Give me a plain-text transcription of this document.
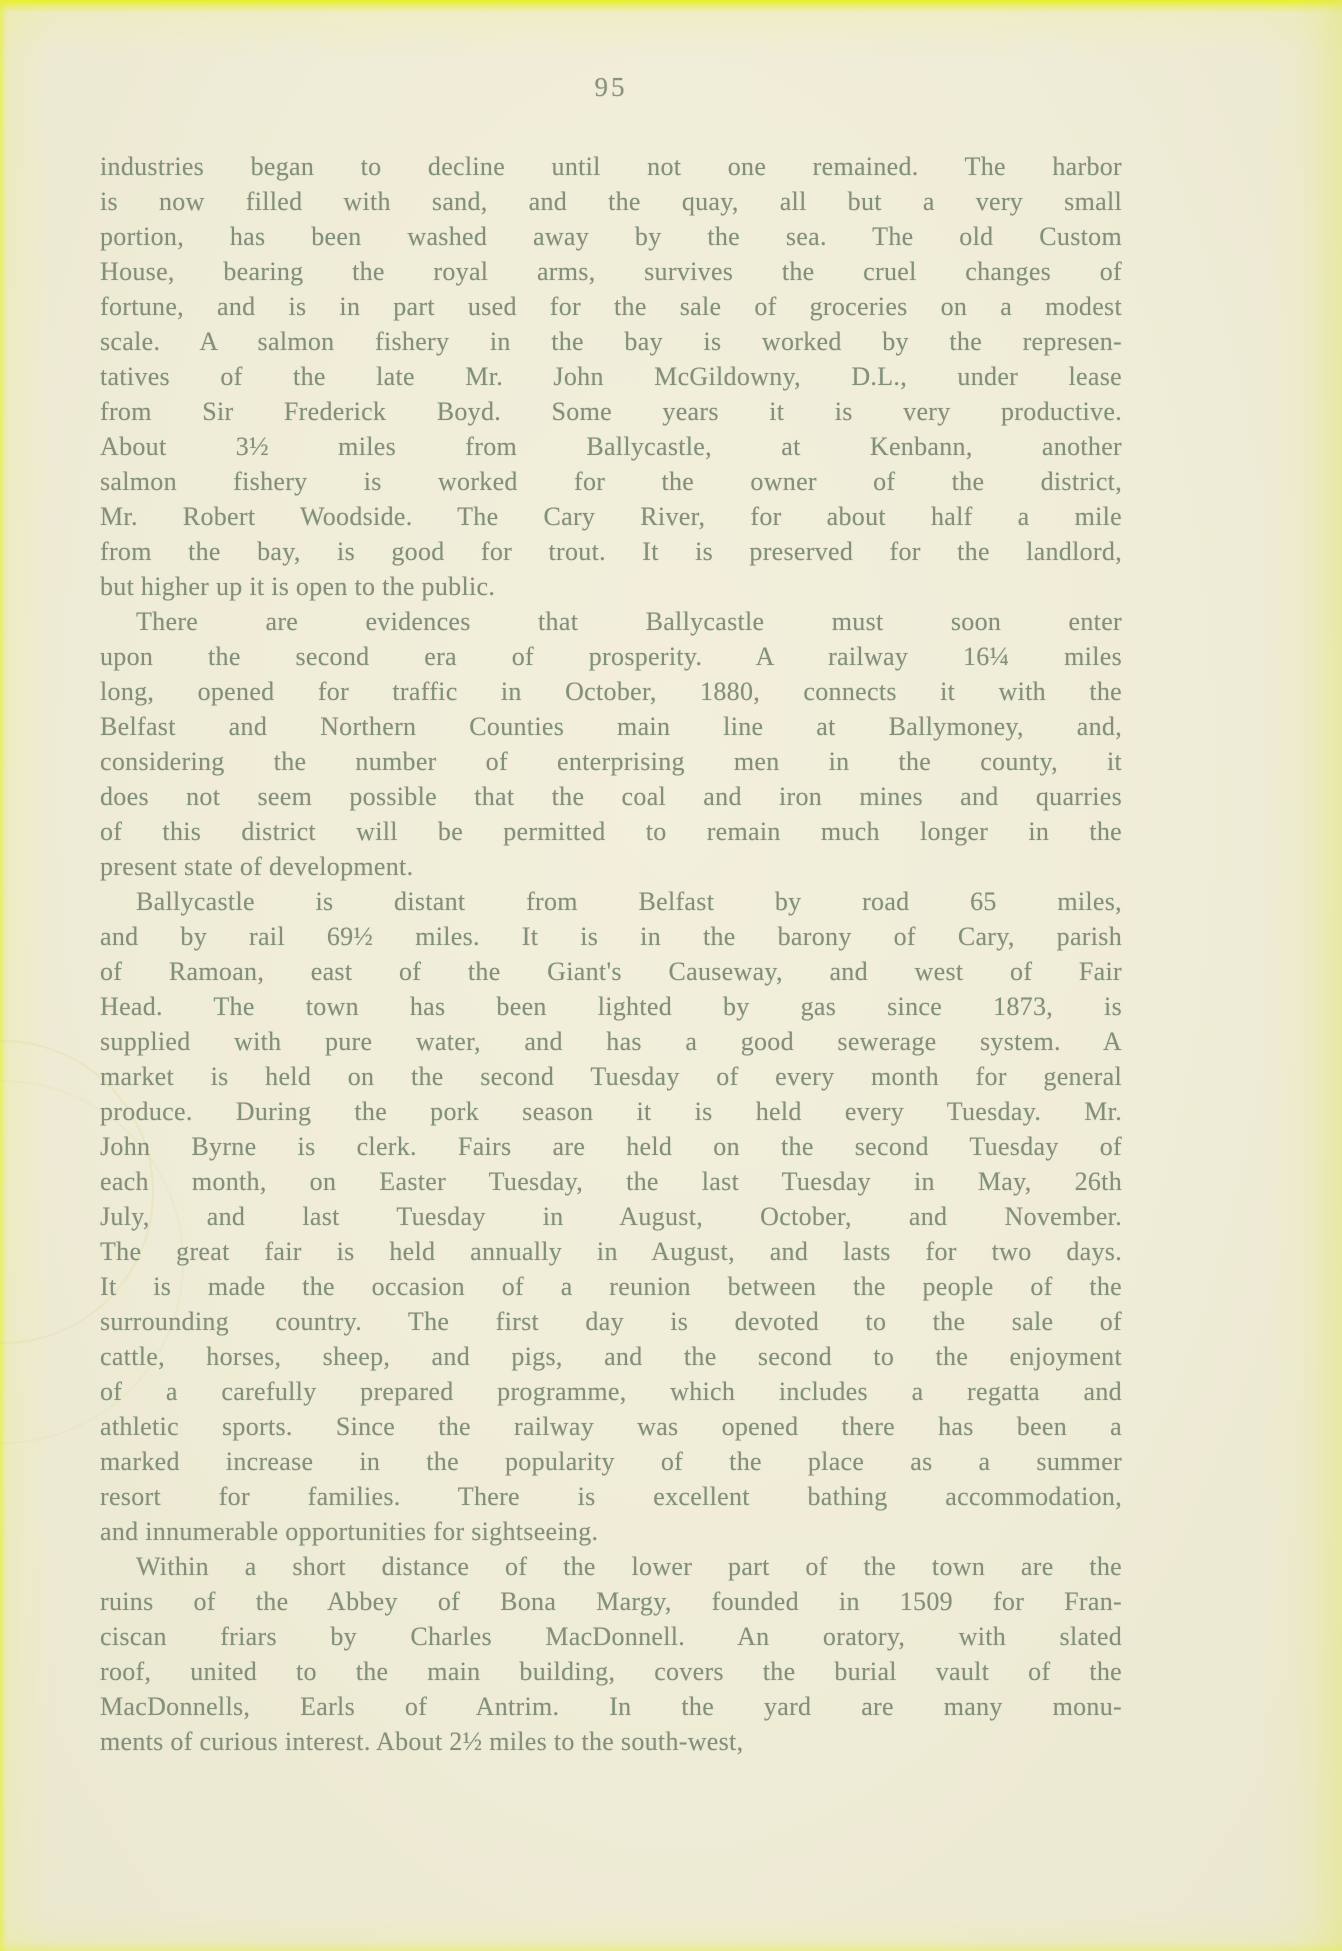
95
industries began to decline until not one remained. The harbor
is now filled with sand, and the quay, all but a very small
portion, has been washed away by the sea. The old Custom
House, bearing the royal arms, survives the cruel changes of
fortune, and is in part used for the sale of groceries on a modest
scale. A salmon fishery in the bay is worked by the represen-
tatives of the late Mr. John McGildowny, D.L., under lease
from Sir Frederick Boyd. Some years it is very productive.
About 3½ miles from Ballycastle, at Kenbann, another
salmon fishery is worked for the owner of the district,
Mr. Robert Woodside. The Cary River, for about half a mile
from the bay, is good for trout. It is preserved for the landlord,
but higher up it is open to the public.
There are evidences that Ballycastle must soon enter
upon the second era of prosperity. A railway 16¼ miles
long, opened for traffic in October, 1880, connects it with the
Belfast and Northern Counties main line at Ballymoney, and,
considering the number of enterprising men in the county, it
does not seem possible that the coal and iron mines and quarries
of this district will be permitted to remain much longer in the
present state of development.
Ballycastle is distant from Belfast by road 65 miles,
and by rail 69½ miles. It is in the barony of Cary, parish
of Ramoan, east of the Giant's Causeway, and west of Fair
Head. The town has been lighted by gas since 1873, is
supplied with pure water, and has a good sewerage system. A
market is held on the second Tuesday of every month for general
produce. During the pork season it is held every Tuesday. Mr.
John Byrne is clerk. Fairs are held on the second Tuesday of
each month, on Easter Tuesday, the last Tuesday in May, 26th
July, and last Tuesday in August, October, and November.
The great fair is held annually in August, and lasts for two days.
It is made the occasion of a reunion between the people of the
surrounding country. The first day is devoted to the sale of
cattle, horses, sheep, and pigs, and the second to the enjoyment
of a carefully prepared programme, which includes a regatta and
athletic sports. Since the railway was opened there has been a
marked increase in the popularity of the place as a summer
resort for families. There is excellent bathing accommodation,
and innumerable opportunities for sightseeing.
Within a short distance of the lower part of the town are the
ruins of the Abbey of Bona Margy, founded in 1509 for Fran-
ciscan friars by Charles MacDonnell. An oratory, with slated
roof, united to the main building, covers the burial vault of the
MacDonnells, Earls of Antrim. In the yard are many monu-
ments of curious interest. About 2½ miles to the south-west,
